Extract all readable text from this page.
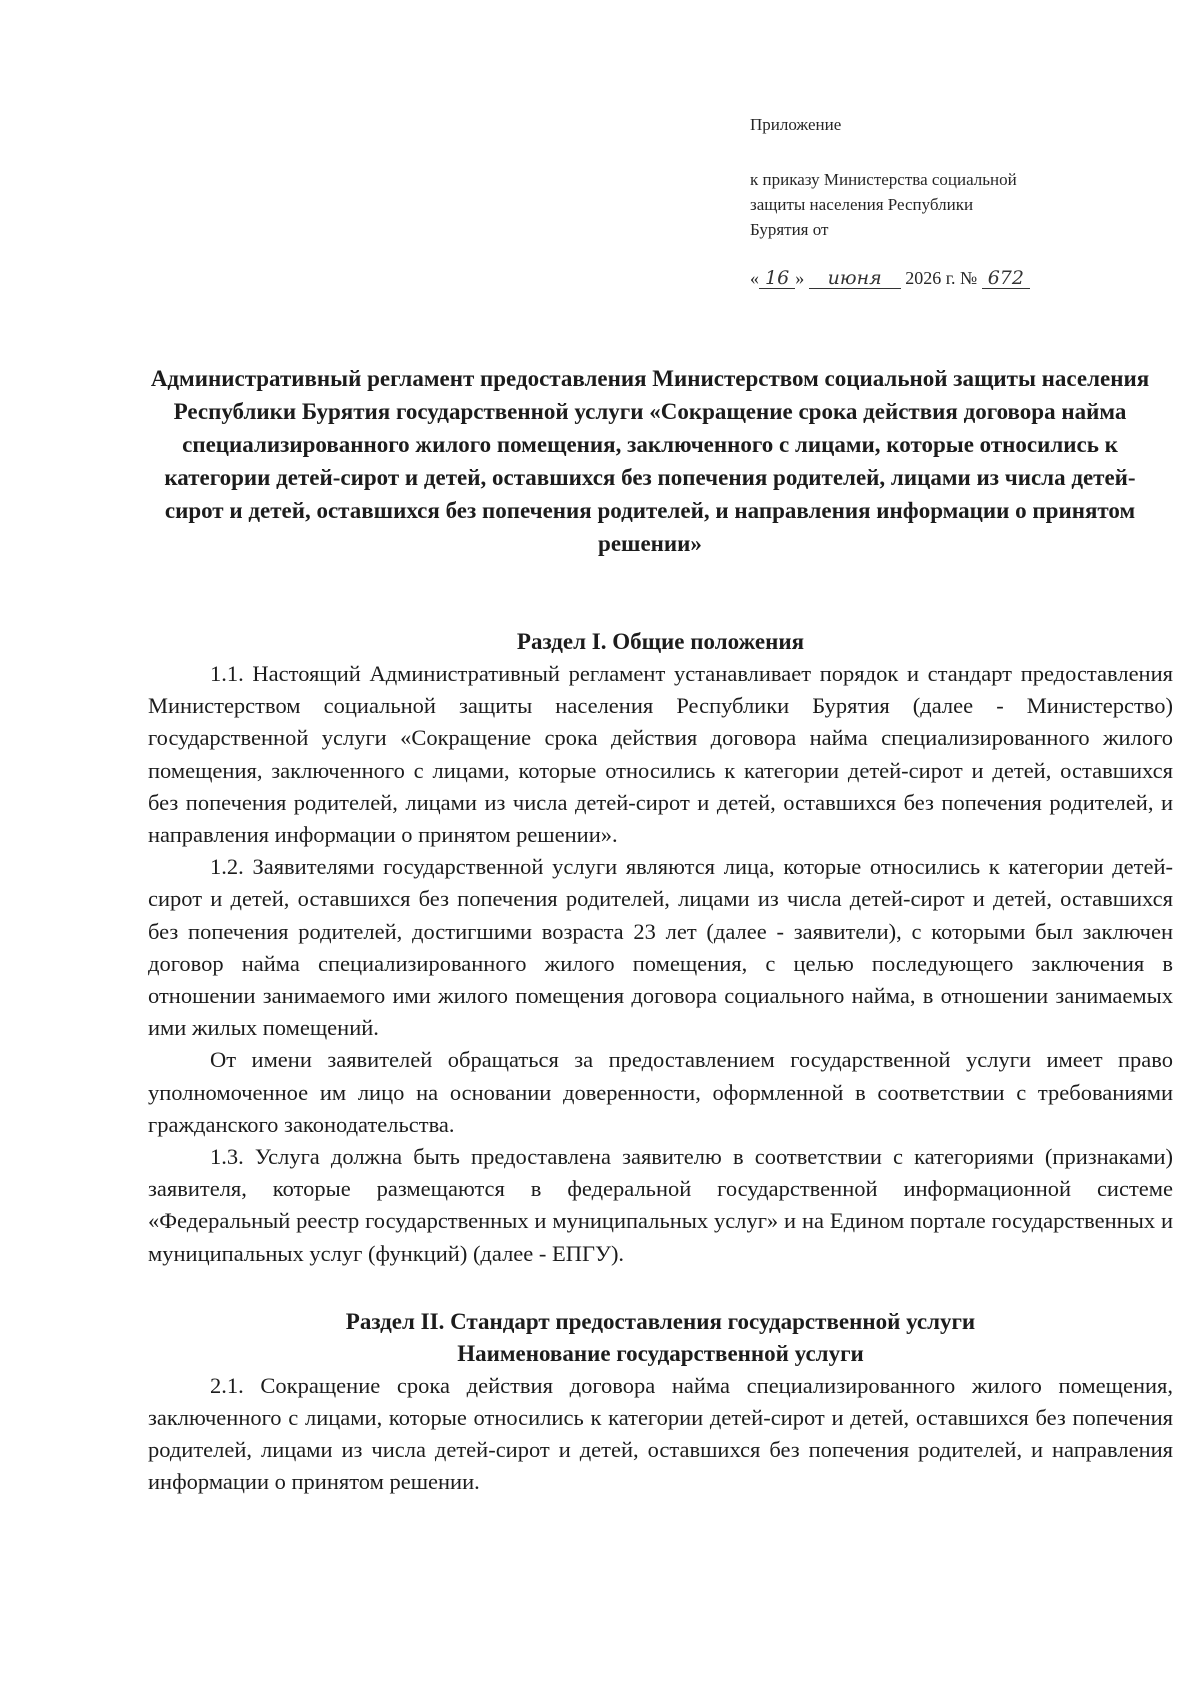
Приложение

к приказу Министерства социальной

защиты населения Республики

Бурятия от

« 16 » июня 2026 г. № 672

Административный регламент предоставления Министерством социальной защиты населения Республики Бурятия государственной услуги «Сокращение срока действия договора найма специализированного жилого помещения, заключенного с лицами, которые относились к категории детей-сирот и детей, оставшихся без попечения родителей, лицами из числа детей-сирот и детей, оставшихся без попечения родителей, и направления информации о принятом решении»
Раздел I. Общие положения

1.1. Настоящий Административный регламент устанавливает порядок и стандарт предоставления Министерством социальной защиты населения Республики Бурятия (далее - Министерство) государственной услуги «Сокращение срока действия договора найма специализированного жилого помещения, заключенного с лицами, которые относились к категории детей-сирот и детей, оставшихся без попечения родителей, лицами из числа детей-сирот и детей, оставшихся без попечения родителей, и направления информации о принятом решении».

1.2. Заявителями государственной услуги являются лица, которые относились к категории детей-сирот и детей, оставшихся без попечения родителей, лицами из числа детей-сирот и детей, оставшихся без попечения родителей, достигшими возраста 23 лет (далее - заявители), с которыми был заключен договор найма специализированного жилого помещения, с целью последующего заключения в отношении занимаемого ими жилого помещения договора социального найма, в отношении занимаемых ими жилых помещений.

От имени заявителей обращаться за предоставлением государственной услуги имеет право уполномоченное им лицо на основании доверенности, оформленной в соответствии с требованиями гражданского законодательства.

1.3. Услуга должна быть предоставлена заявителю в соответствии с категориями (признаками) заявителя, которые размещаются в федеральной государственной информационной системе «Федеральный реестр государственных и муниципальных услуг» и на Едином портале государственных и муниципальных услуг (функций) (далее - ЕПГУ).

Раздел II. Стандарт предоставления государственной услуги
Наименование государственной услуги

2.1. Сокращение срока действия договора найма специализированного жилого помещения, заключенного с лицами, которые относились к категории детей-сирот и детей, оставшихся без попечения родителей, лицами из числа детей-сирот и детей, оставшихся без попечения родителей, и направления информации о принятом решении.
